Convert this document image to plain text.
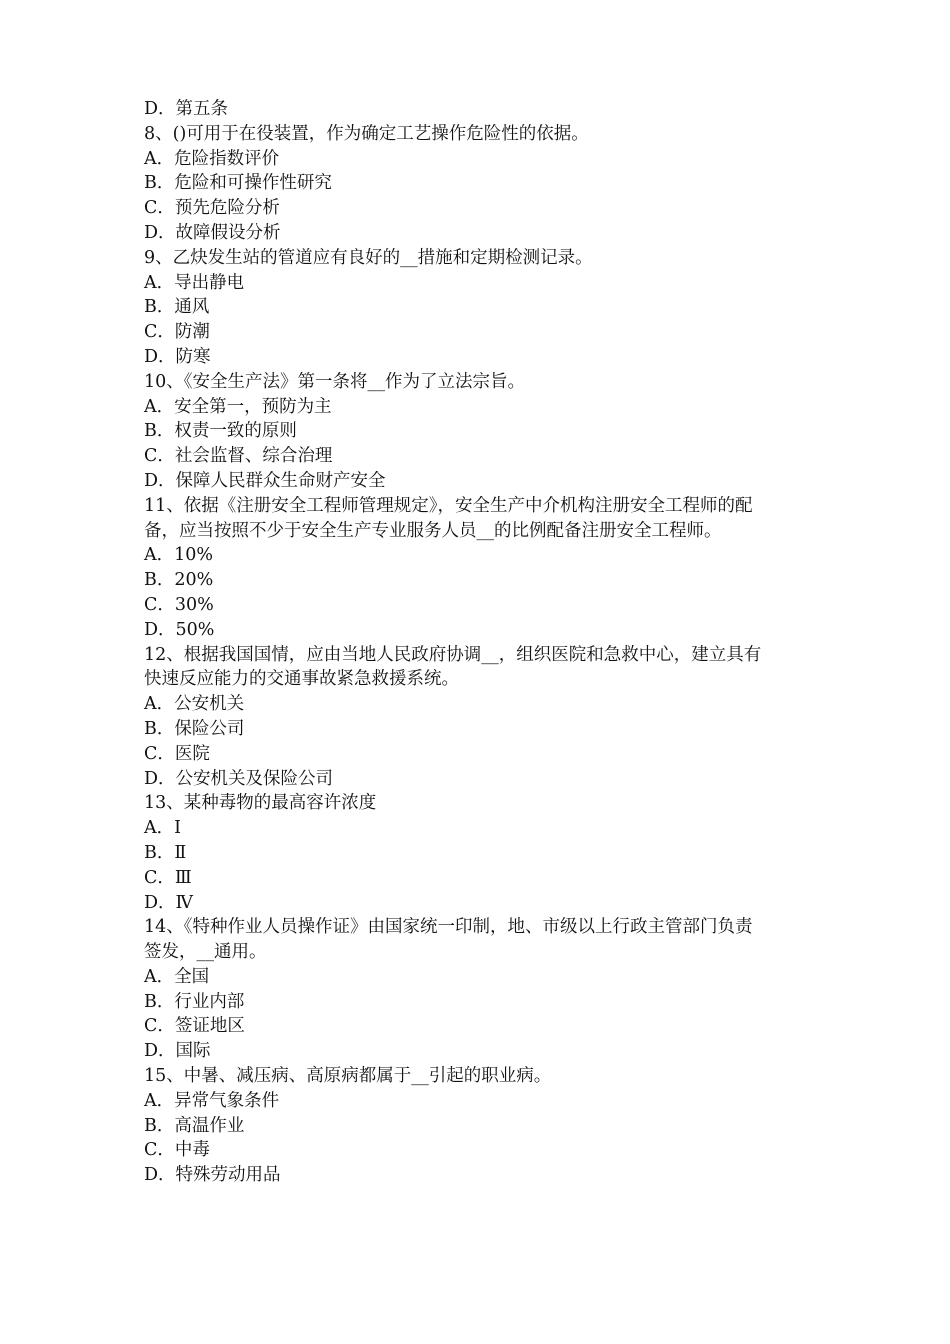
D．第五条
8、()可用于在役装置，作为确定工艺操作危险性的依据。
A．危险指数评价
B．危险和可操作性研究
C．预先危险分析
D．故障假设分析
9、乙炔发生站的管道应有良好的__措施和定期检测记录。
A．导出静电
B．通风
C．防潮
D．防寒
10、《安全生产法》第一条将__作为了立法宗旨。
A．安全第一，预防为主
B．权责一致的原则
C．社会监督、综合治理
D．保障人民群众生命财产安全
11、依据《注册安全工程师管理规定》，安全生产中介机构注册安全工程师的配
备，应当按照不少于安全生产专业服务人员__的比例配备注册安全工程师。
A．10%
B．20%
C．30%
D．50%
12、根据我国国情，应由当地人民政府协调__，组织医院和急救中心，建立具有
快速反应能力的交通事故紧急救援系统。
A．公安机关
B．保险公司
C．医院
D．公安机关及保险公司
13、某种毒物的最高容许浓度
A．Ⅰ
B．Ⅱ
C．Ⅲ
D．Ⅳ
14、《特种作业人员操作证》由国家统一印制，地、市级以上行政主管部门负责
签发，__通用。
A．全国
B．行业内部
C．签证地区
D．国际
15、中暑、减压病、高原病都属于__引起的职业病。
A．异常气象条件
B．高温作业
C．中毒
D．特殊劳动用品
